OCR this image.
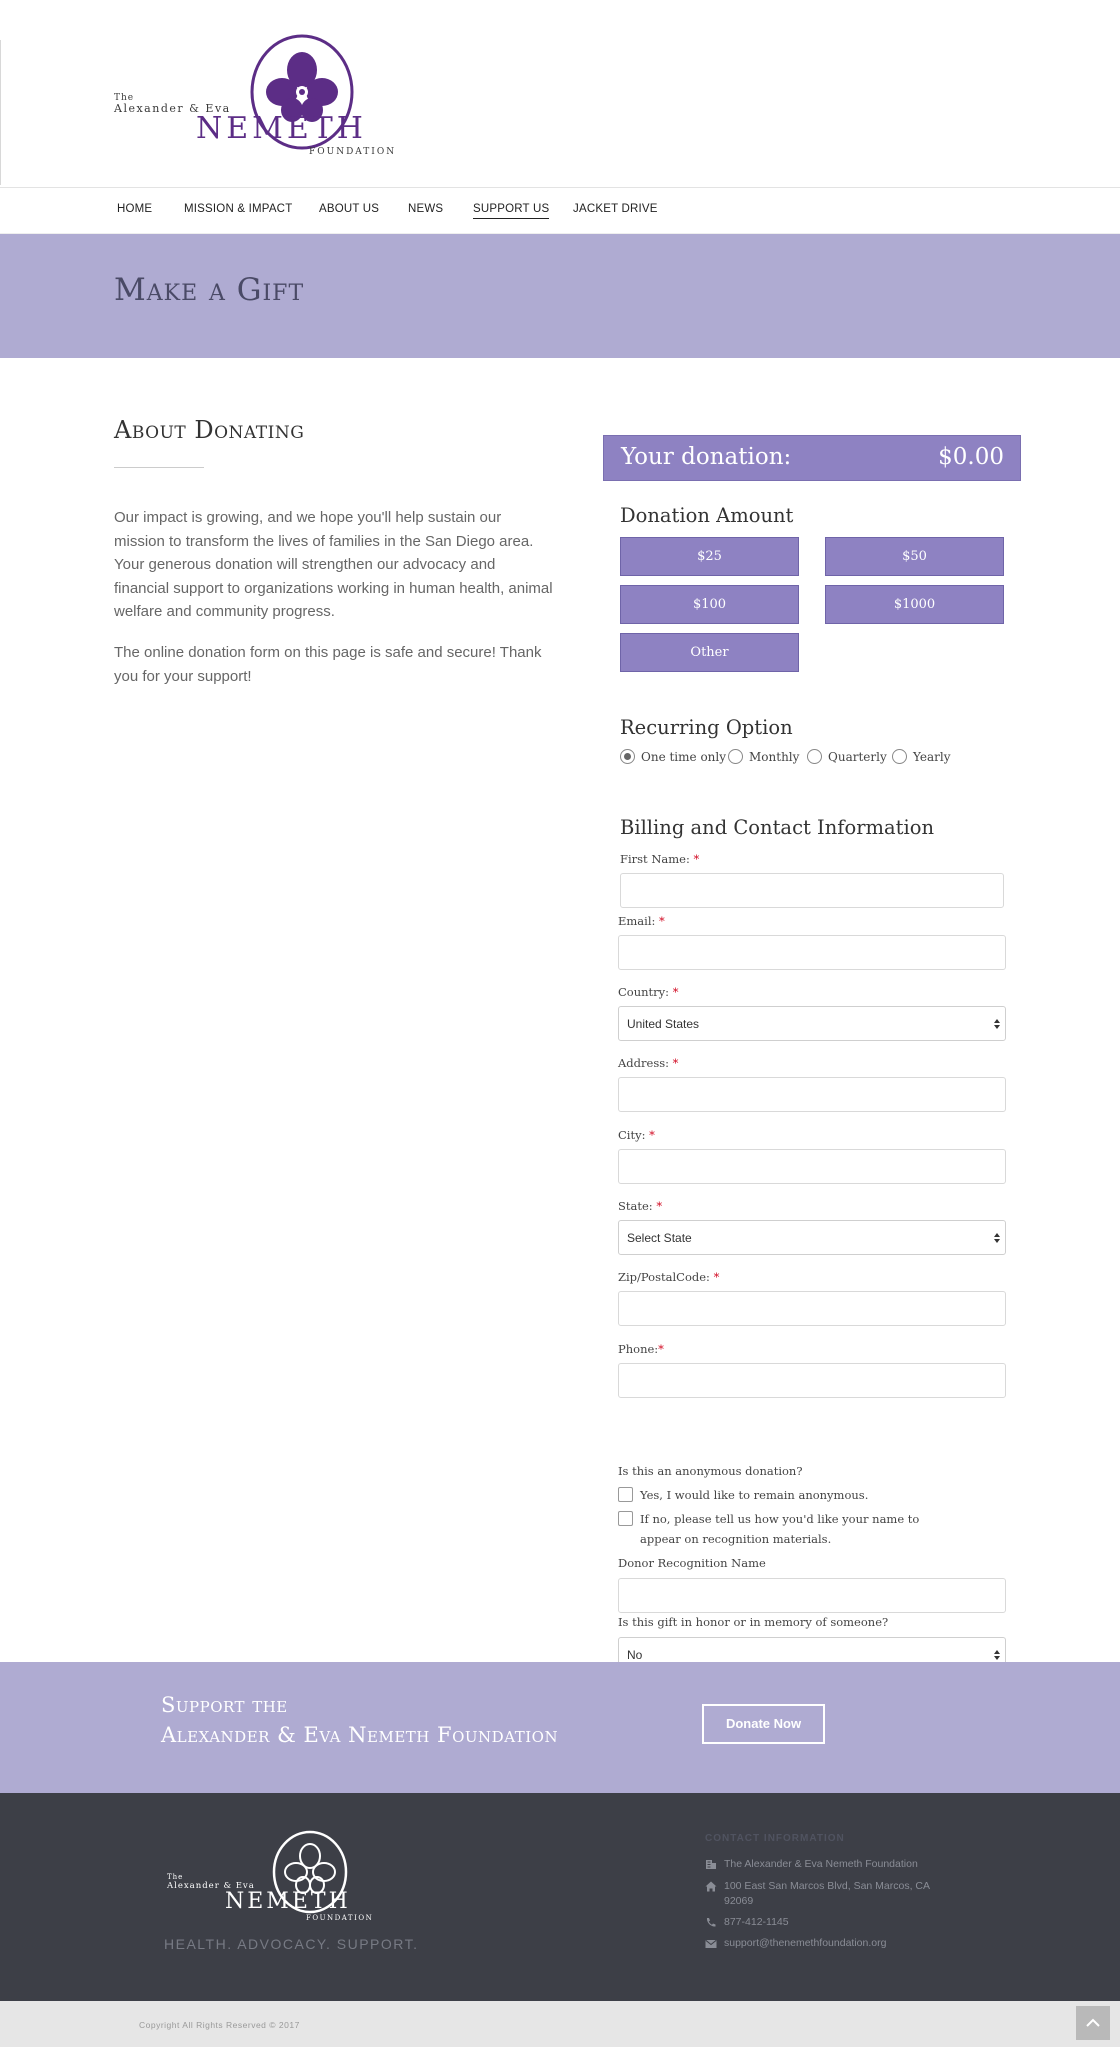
The
Alexander & Eva
NEMETH
FOUNDATION
HOME	MISSION & IMPACT ABOUT US	NEWS	SUPPORT US JACKET DRIVE
Make a Gift
About Donating

Our impact is growing, and we hope you'll help sustain our mission to transform the lives of families in the San Diego area. Your generous donation will strengthen our advocacy and financial support to organizations working in human health, animal welfare and community progress.

The online donation form on this page is safe and secure! Thank you for your support!

Your donation:	$0.00
Donation Amount
$25	$50
$100	$1000
Other
Recurring Option
One time only Monthly Quarterly Yearly
Billing and Contact Information
First Name: *
Email: *
Country: *
United States
Address: *
City: *
State: *
Select State
Zip/PostalCode: *
Phone:*
Is this an anonymous donation?
Yes, I would like to remain anonymous.
If no, please tell us how you'd like your name to appear on recognition materials.
Donor Recognition Name
Is this gift in honor or in memory of someone?
No
Support the
Alexander & Eva Nemeth Foundation	Donate Now
The
Alexander & Eva
NEMETH
FOUNDATION
HEALTH. ADVOCACY. SUPPORT.
CONTACT INFORMATION
The Alexander & Eva Nemeth Foundation
100 East San Marcos Blvd, San Marcos, CA 92069
877-412-1145
support@thenemethfoundation.org
Copyright All Rights Reserved © 2017
